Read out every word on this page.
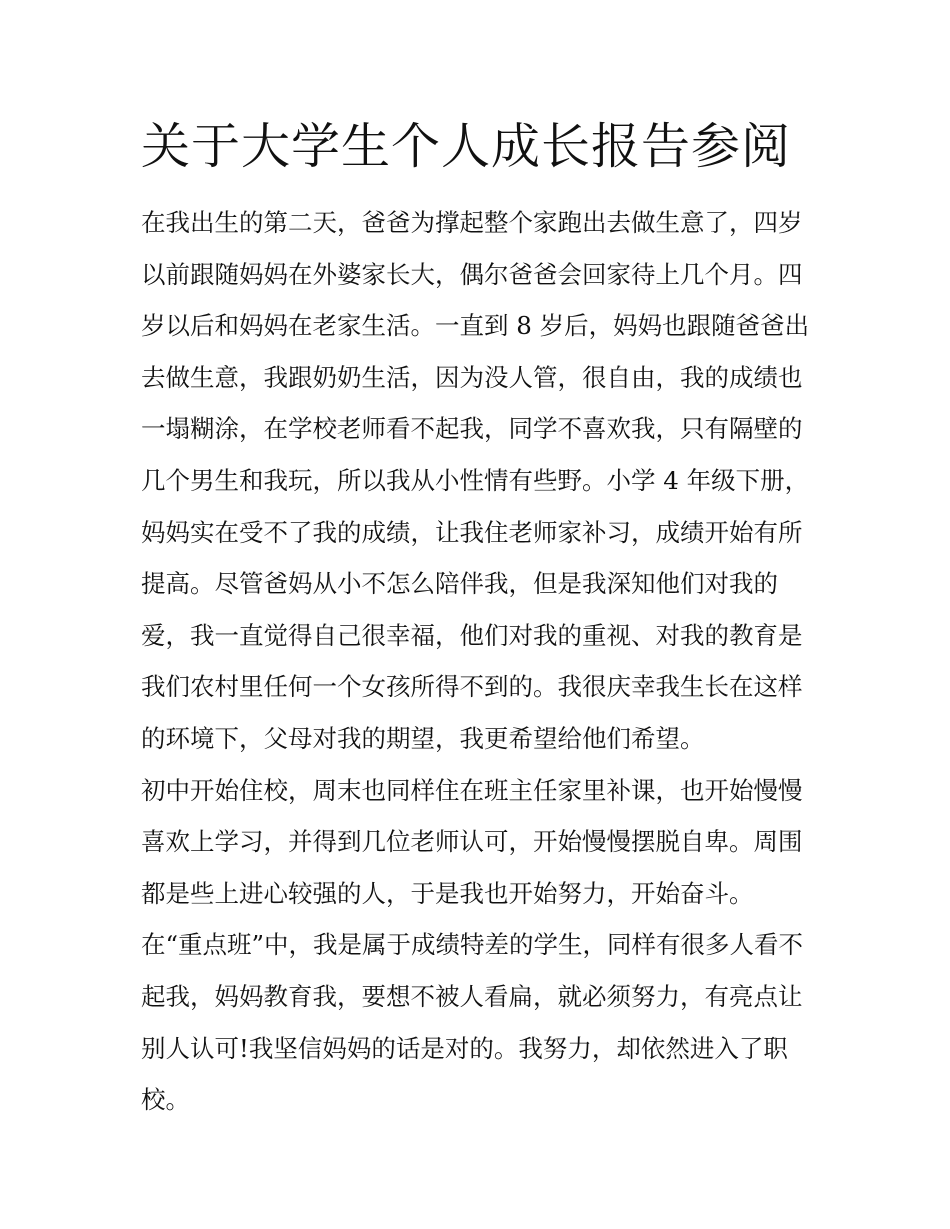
关于大学生个人成长报告参阅

在我出生的第二天，爸爸为撑起整个家跑出去做生意了，四岁
以前跟随妈妈在外婆家长大，偶尔爸爸会回家待上几个月。四
岁以后和妈妈在老家生活。一直到 8 岁后，妈妈也跟随爸爸出
去做生意，我跟奶奶生活，因为没人管，很自由，我的成绩也
一塌糊涂，在学校老师看不起我，同学不喜欢我，只有隔壁的
几个男生和我玩，所以我从小性情有些野。小学 4 年级下册，
妈妈实在受不了我的成绩，让我住老师家补习，成绩开始有所
提高。尽管爸妈从小不怎么陪伴我，但是我深知他们对我的
爱，我一直觉得自己很幸福，他们对我的重视、对我的教育是
我们农村里任何一个女孩所得不到的。我很庆幸我生长在这样
的环境下，父母对我的期望，我更希望给他们希望。

初中开始住校，周末也同样住在班主任家里补课，也开始慢慢
喜欢上学习，并得到几位老师认可，开始慢慢摆脱自卑。周围
都是些上进心较强的人，于是我也开始努力，开始奋斗。

在“重点班”中，我是属于成绩特差的学生，同样有很多人看不
起我，妈妈教育我，要想不被人看扁，就必须努力，有亮点让
别人认可!我坚信妈妈的话是对的。我努力，却依然进入了职
校。
